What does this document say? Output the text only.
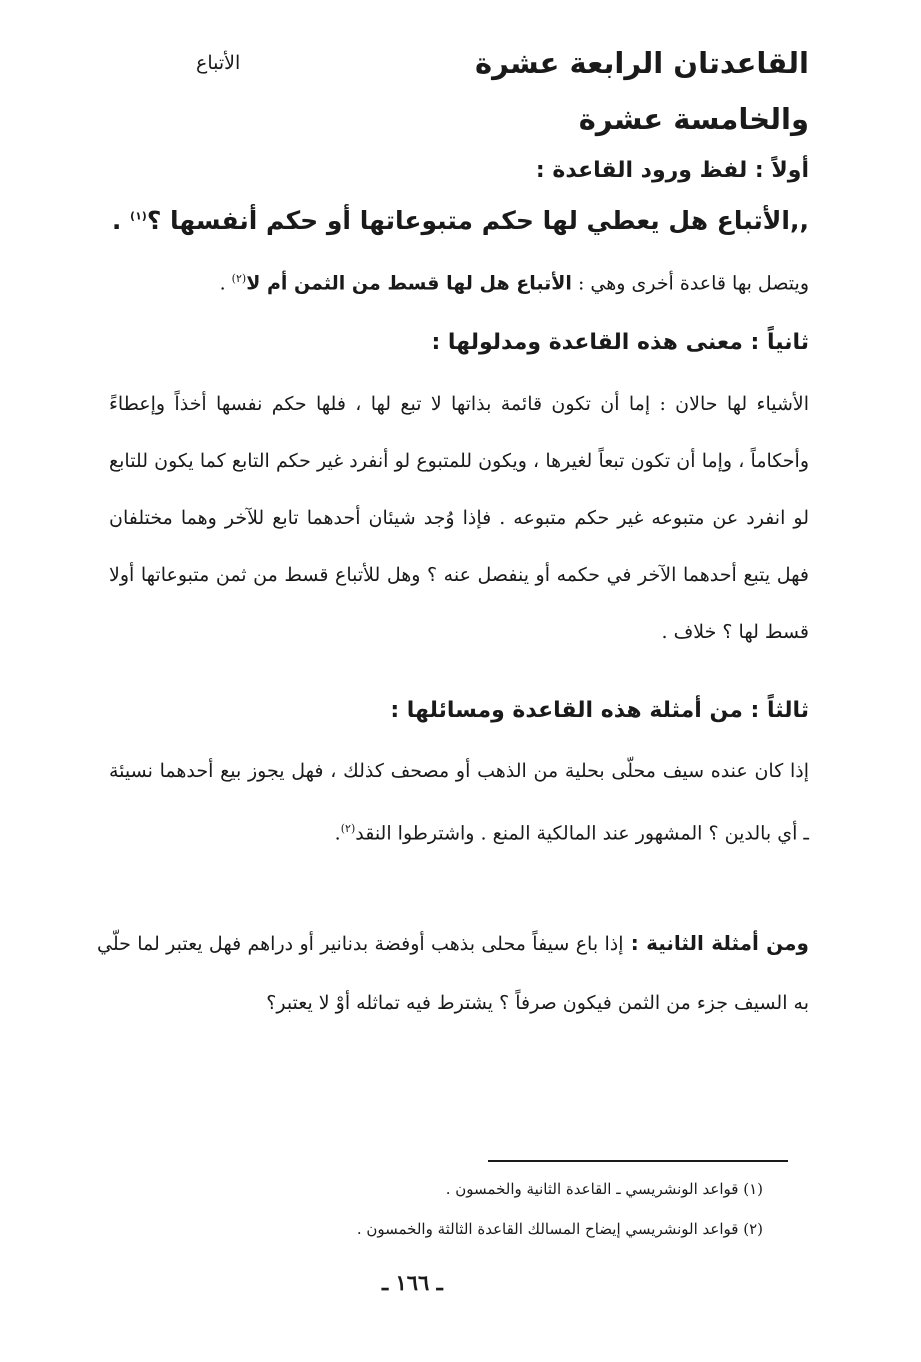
القاعدتان الرابعة عشرة
الأتباع
والخامسة عشرة
أولاً : لفظ ورود القاعدة :
,,الأتباع هل يعطي لها حكم متبوعاتها أو حكم أنفسها ؟$^{(١)}$ .
ويتصل بها قاعدة أخرى وهي : الأتباع هل لها قسط من الثمن أم لا$^{(٢)}$ .
ثانياً : معنى هذه القاعدة ومدلولها :

الأشياء لها حالان : إما أن تكون قائمة بذاتها لا تبع لها ، فلها حكم نفسها أخذاً وإعطاءً وأحكاماً ، وإما أن تكون تبعاً لغيرها ، ويكون للمتبوع لو أنفرد غير حكم التابع كما يكون للتابع لو انفرد عن متبوعه غير حكم متبوعه . فإذا وُجد شيئان أحدهما تابع للآخر وهما مختلفان فهل يتبع أحدهما الآخر في حكمه أو ينفصل عنه ؟ وهل للأتباع قسط من ثمن متبوعاتها أولا قسط لها ؟ خلاف .

ثالثاً : من أمثلة هذه القاعدة ومسائلها :

إذا كان عنده سيف محلّى بحلية من الذهب أو مصحف كذلك ، فهل يجوز بيع أحدهما نسيئة ـ أي بالدين ؟ المشهور عند المالكية المنع . واشترطوا النقد$^{(٢)}$.

ومن أمثلة الثانية : إذا باع سيفاً محلى بذهب أوفضة بدنانير أو دراهم فهل يعتبر لما حلّي به السيف جزء من الثمن فيكون صرفاً ؟ يشترط فيه تماثله أوْ لا يعتبر؟

(١) قواعد الونشريسي ـ القاعدة الثانية والخمسون .
(٢) قواعد الونشريسي إيضاح المسالك القاعدة الثالثة والخمسون .
ـ ١٦٦ ـ
